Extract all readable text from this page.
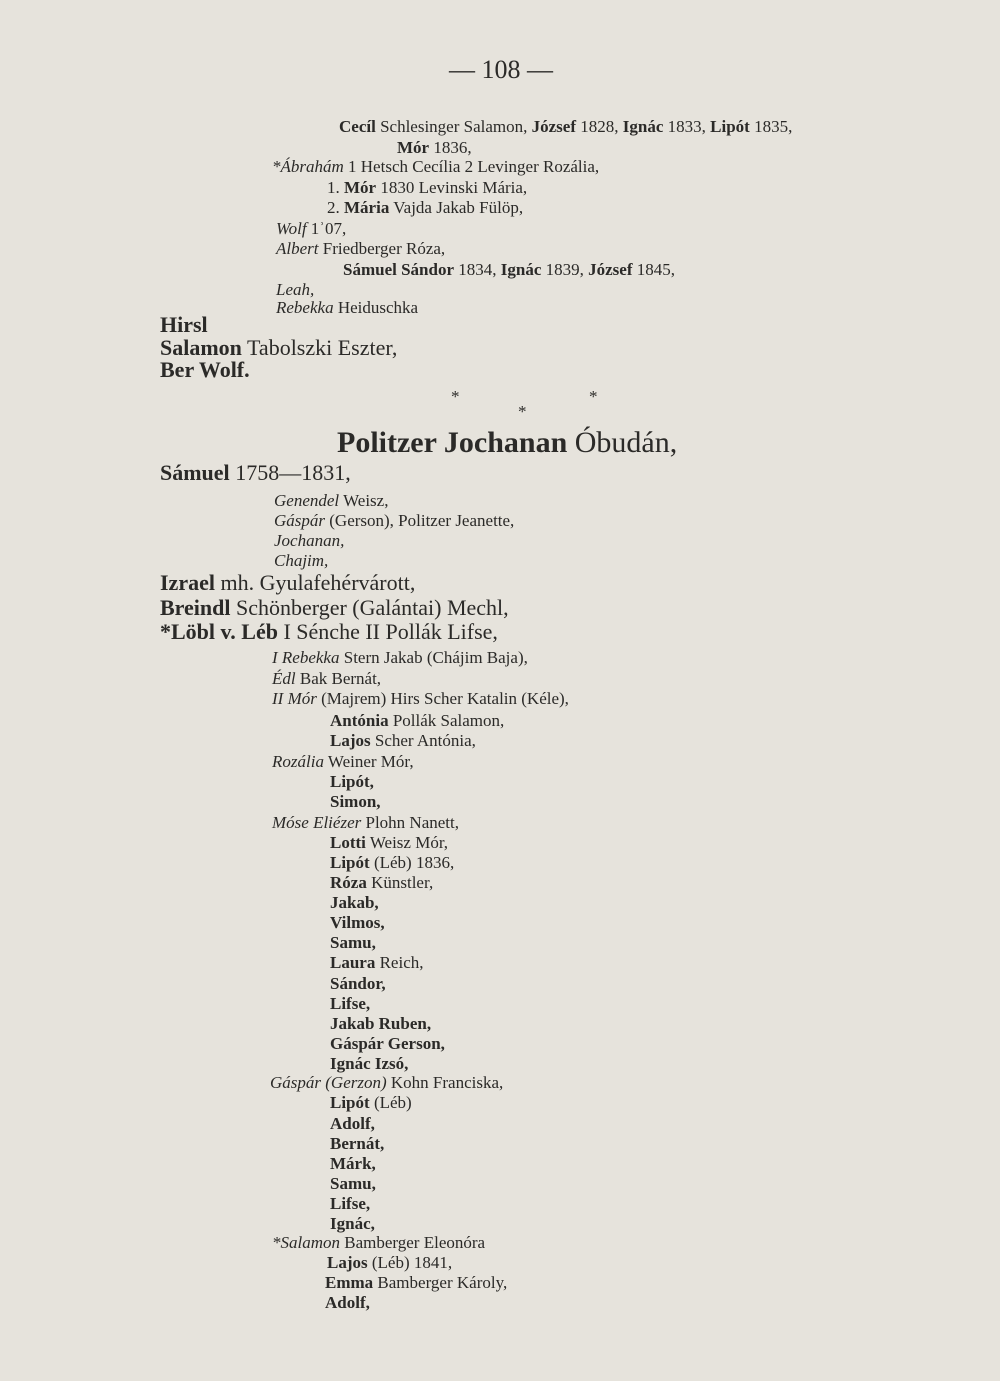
— 108 —
Cecíl Schlesinger Salamon, József 1828, Ignác 1833, Lipót 1835,
Mór 1836,
*Ábrahám 1 Hetsch Cecília 2 Levinger Rozália,
1. Mór 1830 Levinski Mária,
2. Mária Vajda Jakab Fülöp,
Wolf 1ʾ07,
Albert Friedberger Róza,
Sámuel Sándor 1834, Ignác 1839, József 1845,
Leah,
Rebekka Heiduschka
Hirsl
Salamon Tabolszki Eszter,
Ber Wolf.
*
*
*
Politzer Jochanan Óbudán,
Sámuel 1758—1831,
Genendel Weisz,
Gáspár (Gerson), Politzer Jeanette,
Jochanan,
Chajim,
Izrael mh. Gyulafehérvárott,
Breindl Schönberger (Galántai) Mechl,
*Löbl v. Léb I Sénche II Pollák Lifse,
I Rebekka Stern Jakab (Chájim Baja),
Édl Bak Bernát,
II Mór (Majrem) Hirs Scher Katalin (Kéle),
Antónia Pollák Salamon,
Lajos Scher Antónia,
Rozália Weiner Mór,
Lipót,
Simon,
Móse Eliézer Plohn Nanett,
Lotti Weisz Mór,
Lipót (Léb) 1836,
Róza Künstler,
Jakab,
Vilmos,
Samu,
Laura Reich,
Sándor,
Lifse,
Jakab Ruben,
Gáspár Gerson,
Ignác Izsó,
Gáspár (Gerzon) Kohn Franciska,
Lipót (Léb)
Adolf,
Bernát,
Márk,
Samu,
Lifse,
Ignác,
*Salamon Bamberger Eleonóra
Lajos (Léb) 1841,
Emma Bamberger Károly,
Adolf,
